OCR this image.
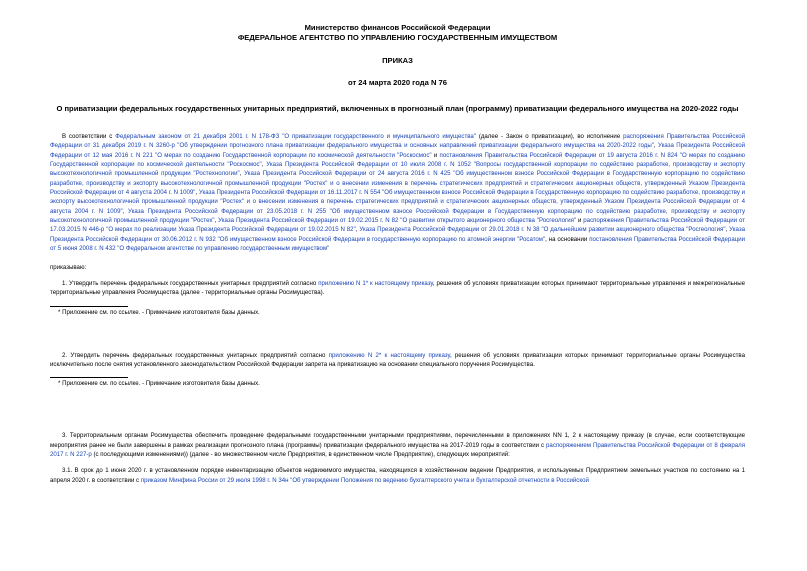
Министерство финансов Российской Федерации
ФЕДЕРАЛЬНОЕ АГЕНТСТВО ПО УПРАВЛЕНИЮ ГОСУДАРСТВЕННЫМ ИМУЩЕСТВОМ
ПРИКАЗ
от 24 марта 2020 года N 76
О приватизации федеральных государственных унитарных предприятий, включенных в прогнозный план (программу) приватизации федерального имущества на 2020-2022 годы
В соответствии с Федеральным законом от 21 декабря 2001 г. N 178-ФЗ "О приватизации государственного и муниципального имущества" (далее - Закон о приватизации), во исполнение распоряжения Правительства Российской Федерации от 31 декабря 2019 г. N 3260-р "Об утверждении прогнозного плана приватизации федерального имущества и основных направлений приватизации федерального имущества на 2020-2022 годы", Указа Президента Российской Федерации от 12 мая 2016 г. N 221 "О мерах по созданию Государственной корпорации по космической деятельности "Роскосмос" и постановления Правительства Российской Федерации от 19 августа 2016 г. N 824 "О мерах по созданию Государственной корпорации по космической деятельности "Роскосмос", Указа Президента Российской Федерации от 10 июля 2008 г. N 1052 "Вопросы государственной корпорации по содействию разработке, производству и экспорту высокотехнологичной промышленной продукции "Ростехнологии", Указа Президента Российской Федерации от 24 августа 2016 г. N 425 "Об имущественном взносе Российской Федерации в Государственную корпорацию по содействию разработке, производству и экспорту высокотехнологичной промышленной продукции "Ростех" и о внесении изменения в перечень стратегических предприятий и стратегических акционерных обществ, утвержденный Указом Президента Российской Федерации от 4 августа 2004 г. N 1009", Указа Президента Российской Федерации от 16.11.2017 г. N 554 "Об имущественном взносе Российской Федерации в Государственную корпорацию по содействию разработке, производству и экспорту высокотехнологичной промышленной продукции "Ростех" и о внесении изменения в перечень стратегических предприятий и стратегических акционерных обществ, утвержденный Указом Президента Российской Федерации от 4 августа 2004 г. N 1009", Указа Президента Российской Федерации от 23.05.2018 г. N 255 "Об имущественном взносе Российской Федерации в Государственную корпорацию по содействию разработке, производству и экспорту высокотехнологичной промышленной продукции "Ростех", Указа Президента Российской Федерации от 19.02.2015 г. N 82 "О развитии открытого акционерного общества "Росгеология" и распоряжения Правительства Российской Федерации от 17.03.2015 N 446-р "О мерах по реализации Указа Президента Российской Федерации от 19.02.2015 N 82", Указа Президента Российской Федерации от 29.01.2018 г. N 38 "О дальнейшем развитии акционерного общества "Росгеология", Указа Президента Российской Федерации от 30.06.2012 г. N 932 "Об имущественном взносе Российской Федерации в государственную корпорацию по атомной энергии "Росатом", на основании постановления Правительства Российской Федерации от 5 июня 2008 г. N 432 "О Федеральном агентстве по управлению государственным имуществом"
приказываю:
1. Утвердить перечень федеральных государственных унитарных предприятий согласно приложению N 1* к настоящему приказу, решения об условиях приватизации которых принимают территориальные управления и межрегиональные территориальные управления Росимущества (далее - территориальные органы Росимущества).
* Приложение см. по ссылке. - Примечание изготовителя базы данных.
2. Утвердить перечень федеральных государственных унитарных предприятий согласно приложению N 2* к настоящему приказу, решения об условиях приватизации которых принимают территориальные органы Росимущества исключительно после снятия установленного законодательством Российской Федерации запрета на приватизацию на основании специального поручения Росимущества.
* Приложение см. по ссылке. - Примечание изготовителя базы данных.
3. Территориальным органам Росимущества обеспечить проведение федеральными государственными унитарными предприятиями, перечисленными в приложениях NN 1, 2 к настоящему приказу (в случае, если соответствующие мероприятия ранее не были завершены в рамках реализации прогнозного плана (программы) приватизации федерального имущества на 2017-2019 годы в соответствии с распоряжением Правительства Российской Федерации от 8 февраля 2017 г. N 227-р (с последующими изменениями)) (далее - во множественном числе Предприятия, в единственном числе Предприятие), следующих мероприятий:
3.1. В срок до 1 июня 2020 г. в установленном порядке инвентаризацию объектов недвижимого имущества, находящихся в хозяйственном ведении Предприятия, и используемых Предприятием земельных участков по состоянию на 1 апреля 2020 г. в соответствии с приказом Минфина России от 29 июля 1998 г. N 34н "Об утверждении Положения по ведению бухгалтерского учета и бухгалтерской отчетности в Российской
